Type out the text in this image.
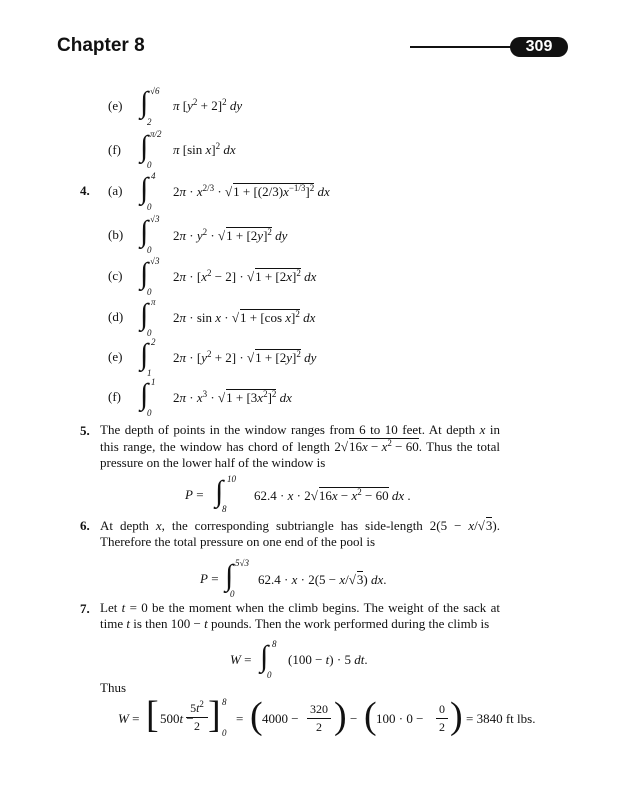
Chapter 8	309
(e) ∫ √6
2
π $[y^2 + 2]^2$ dy
(f) ∫ π/2
0
π [sin x]$^2$ dx
4. (a) ∫ 4
0
$2\pi \cdot x^{2/3} \cdot √1 + [(2/3)x^{-1/3}]^2$ dx
(b) ∫ √3
0
$2\pi \cdot y^2 \cdot √1 + [2y]^2$ dy
(c) ∫ √3
0
$2\pi \cdot [x^2 - 2] \cdot √1 + [2x]^2$ dx
(d) ∫ π
0
2π · sin x · √1 + [cos x]$^2$ dx
(e) ∫ 2
1
$2\pi \cdot [y^2 + 2] \cdot √1 + [2y]^2$ dy
(f) ∫ 1
0
$2\pi \cdot x^3 \cdot √1 + [3x^2]^2$ dx
5. The depth of points in the window ranges from 6 to 10 feet. At depth x in this range, the window has chord of length $2√16x - x^2 - 60$. Thus the total pressure on the lower half of the window is
P = ∫ 10
8
$62.4 \cdot x \cdot 2√16x - x^2 - 60$ dx .
6. At depth x, the corresponding subtriangle has side-length 2(5 − x/√3). Therefore the total pressure on one end of the pool is
P = ∫ 5√3
0
62.4 · x · 2(5 − x/√3) dx.
7. Let t = 0 be the moment when the climb begins. The weight of the sack at time t is then 100 − t pounds. Then the work performed during the climb is
W = ∫ 8
0
(100 − t) · 5 dt.
Thus
W = [ 500t −
$5t^2$
2 ] 8
0
= ( 4000 −
320
2 ) − ( 100 · 0 −
0
2 ) = 3840 ft lbs.
